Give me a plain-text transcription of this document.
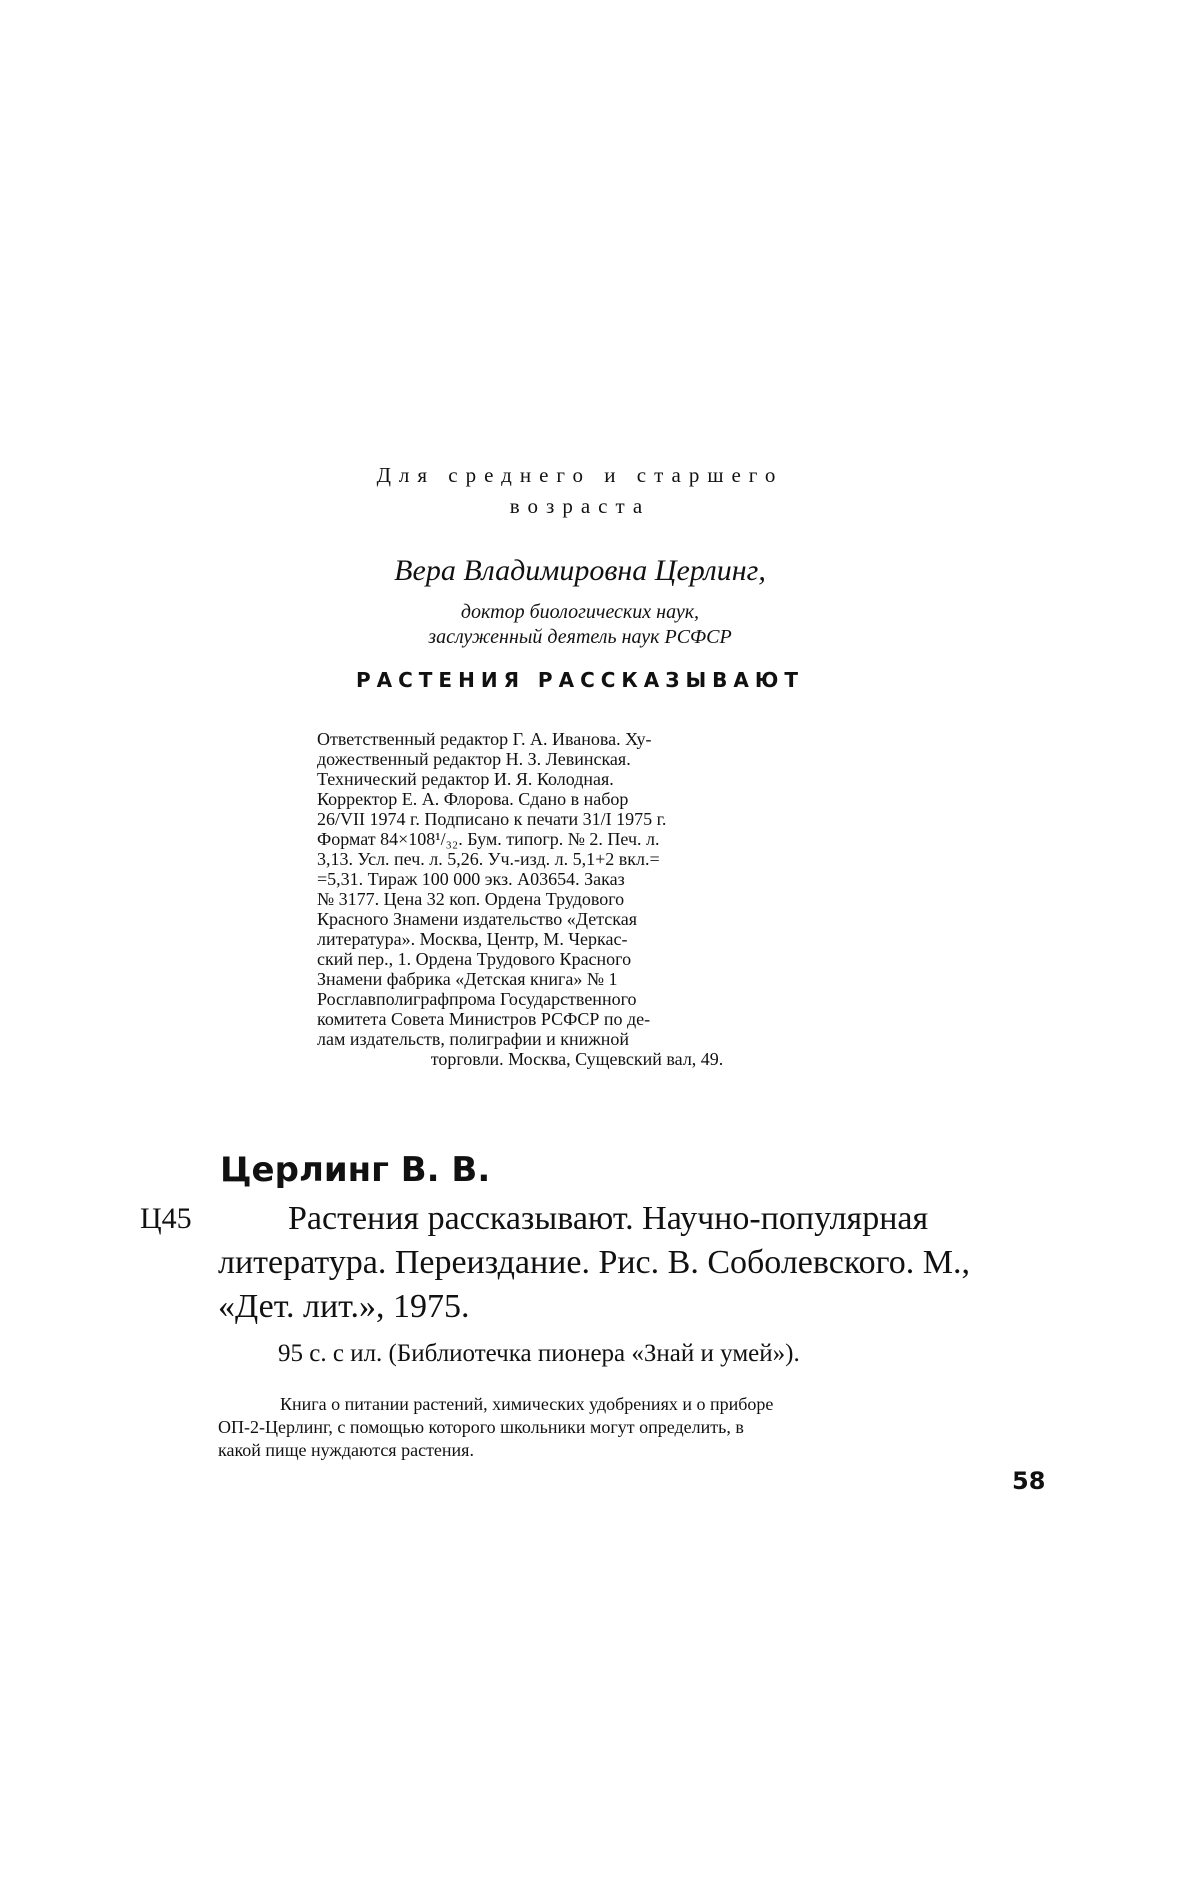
Для среднего и старшего
возраста
Вера Владимировна Церлинг,
доктор биологических наук,
заслуженный деятель наук РСФСР
РАСТЕНИЯ РАССКАЗЫВАЮТ
Ответственный редактор Г. А. Иванова. Ху-
дожественный редактор Н. З. Левинская.
Технический редактор И. Я. Колодная.
Корректор Е. А. Флорова. Сдано в набор
26/VII 1974 г. Подписано к печати 31/I 1975 г.
Формат 84×108¹/₃₂. Бум. типогр. № 2. Печ. л.
3,13. Усл. печ. л. 5,26. Уч.-изд. л. 5,1+2 вкл.=
=5,31. Тираж 100 000 экз. А03654. Заказ
№ 3177. Цена 32 коп. Ордена Трудового
Красного Знамени издательство «Детская
литература». Москва, Центр, М. Черкас-
ский пер., 1. Ордена Трудового Красного
Знамени фабрика «Детская книга» № 1
Росглавполиграфпрома Государственного
комитета Совета Министров РСФСР по де-
лам издательств, полиграфии и книжной
торговли. Москва, Сущевский вал, 49.
Церлинг В. В.
Ц45	Растения рассказывают. Научно-популярная
литература. Переиздание. Рис. В. Соболевского. М.,
«Дет. лит.», 1975.
95 с. с ил. (Библиотечка пионера «Знай и умей»).
Книга о питании растений, химических удобрениях и о приборе
ОП-2-Церлинг, с помощью которого школьники могут определить, в
какой пище нуждаются растения.
58
